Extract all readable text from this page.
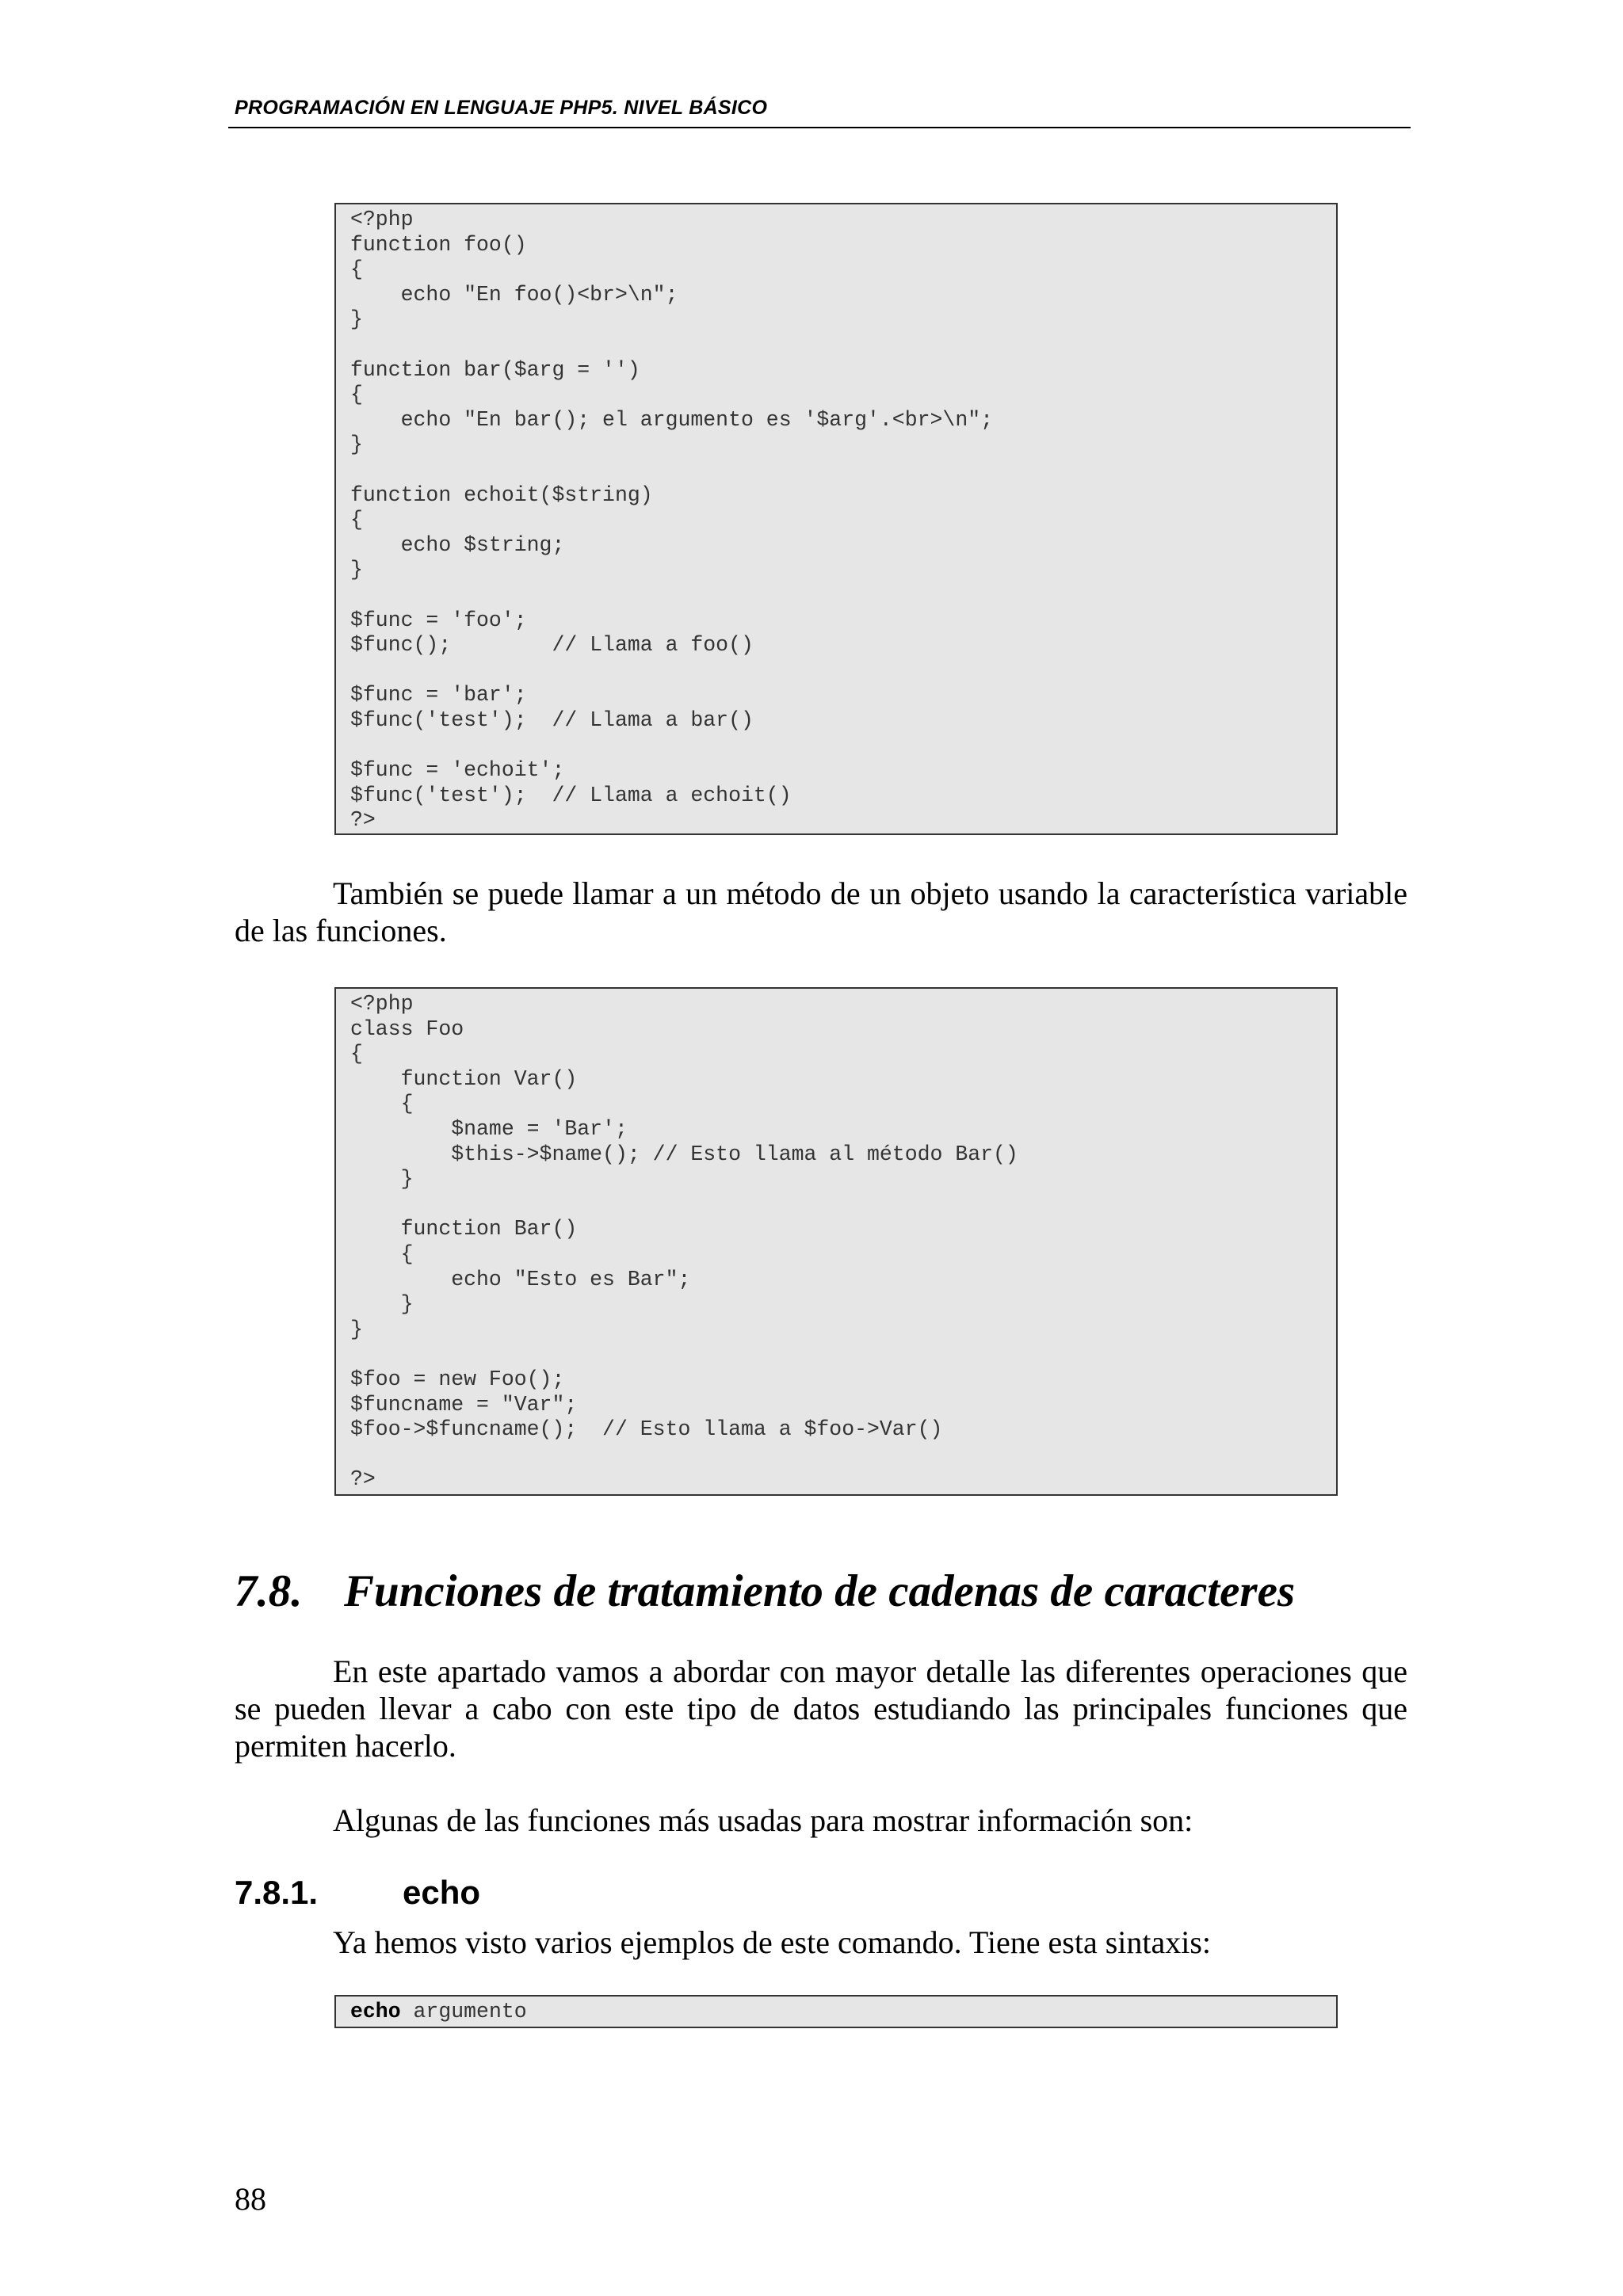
PROGRAMACIÓN EN LENGUAJE PHP5. NIVEL BÁSICO
<?php
function foo()
{
echo "En foo()<br>\n";
}

function bar($arg = '')
{
echo "En bar(); el argumento es '$arg'.<br>\n";
}

function echoit($string)
{
echo $string;
}

$func = 'foo';
$func();        // Llama a foo()

$func = 'bar';
$func('test');  // Llama a bar()

$func = 'echoit';
$func('test');  // Llama a echoit()
?>

También se puede llamar a un método de un objeto usando la característica variable de las funciones.

<?php
class Foo
{
function Var()
{
$name = 'Bar';
$this->$name(); // Esto llama al método Bar()
}

function Bar()
{
echo "Esto es Bar";
}
}

$foo = new Foo();
$funcname = "Var";
$foo->$funcname();  // Esto llama a $foo->Var()

?>
7.8. Funciones de tratamiento de cadenas de caracteres

En este apartado vamos a abordar con mayor detalle las diferentes operaciones que se pueden llevar a cabo con este tipo de datos estudiando las principales funciones que permiten hacerlo.

Algunas de las funciones más usadas para mostrar información son:

7.8.1.	echo

Ya hemos visto varios ejemplos de este comando. Tiene esta sintaxis:

echo argumento
88
